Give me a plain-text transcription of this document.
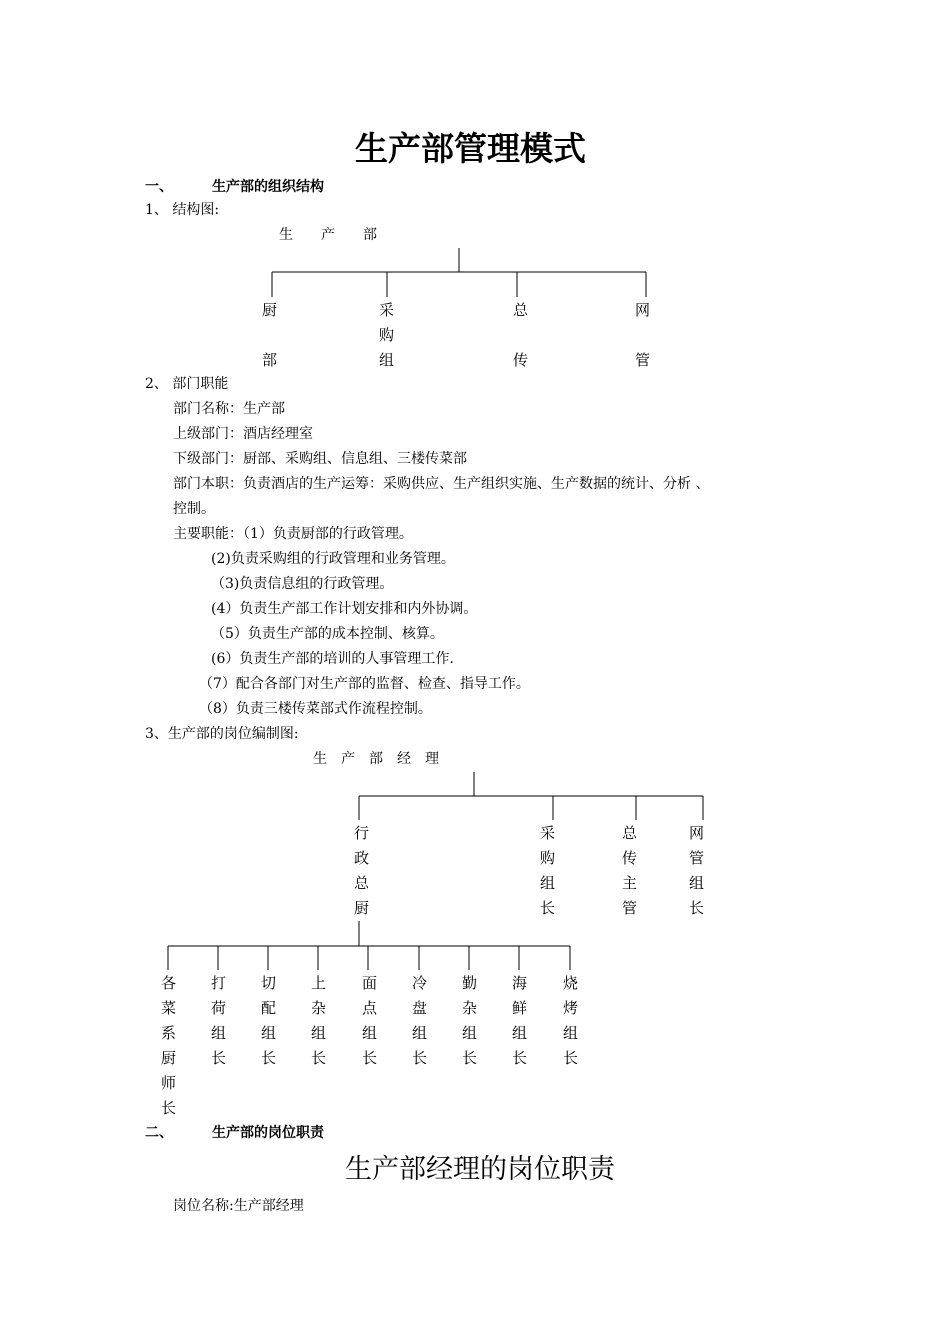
生产部管理模式
一、	生产部的组织结构
1、 结构图:
生　　产　　部
厨
部
采
购
组
总
传
网
管
2、 部门职能
部门名称：生产部
上级部门：酒店经理室
下级部门：厨部、采购组、信息组、三楼传菜部
部门本职：负责酒店的生产运筹：采购供应、生产组织实施、生产数据的统计、分析 、
控制。
主要职能：（1）负责厨部的行政管理。
(2)负责采购组的行政管理和业务管理。
（3)负责信息组的行政管理。
(4）负责生产部工作计划安排和内外协调。
（5）负责生产部的成本控制、核算。
(6）负责生产部的培训的人事管理工作.
（7）配合各部门对生产部的监督、检查、指导工作。
（8）负责三楼传菜部式作流程控制。
3、生产部的岗位编制图:
生　产　部　经　理
行
政
总
厨
采
购
组
长
总
传
主
管
网
管
组
长
各
菜
系
厨
师
长
打
荷
组
长
切
配
组
长
上
杂
组
长
面
点
组
长
冷
盘
组
长
勤
杂
组
长
海
鲜
组
长
烧
烤
组
长
二、	生产部的岗位职责
生产部经理的岗位职责
岗位名称:生产部经理
